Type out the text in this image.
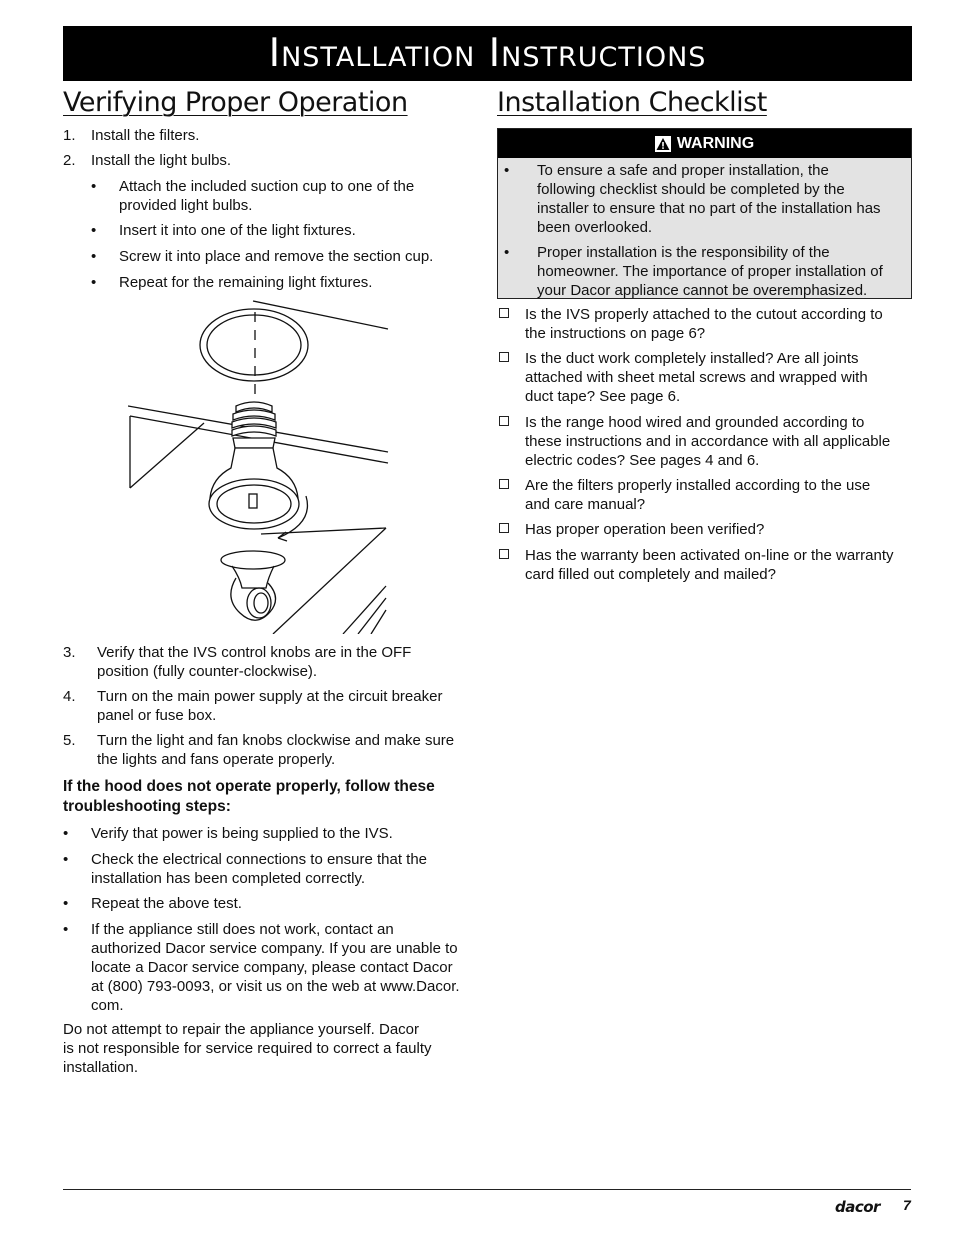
Installation Instructions
Verifying Proper Operation	Installation Checklist
1. Install the filters.
2. Install the light bulbs.
• Attach the included suction cup to one of the
provided light bulbs.
• Insert it into one of the light fixtures.
• Screw it into place and remove the section cup.
• Repeat for the remaining light fixtures.
3. Verify that the IVS control knobs are in the OFF
position (fully counter-clockwise).
4. Turn on the main power supply at the circuit breaker
panel or fuse box.
5. Turn the light and fan knobs clockwise and make sure
the lights and fans operate properly.
If the hood does not operate properly, follow these
troubleshooting steps:
• Verify that power is being supplied to the IVS.
• Check the electrical connections to ensure that the
installation has been completed correctly.
• Repeat the above test.
• If the appliance still does not work, contact an
authorized Dacor service company. If you are unable to
locate a Dacor service company, please contact Dacor
at (800) 793-0093, or visit us on the web at www.Dacor.
com.
Do not attempt to repair the appliance yourself. Dacor
is not responsible for service required to correct a faulty
installation.
WARNING
• To ensure a safe and proper installation, the
following checklist should be completed by the
installer to ensure that no part of the installation has
been overlooked.
• Proper installation is the responsibility of the
homeowner. The importance of proper installation of
your Dacor appliance cannot be overemphasized.
Is the IVS properly attached to the cutout according to
the instructions on page 6?
Is the duct work completely installed? Are all joints
attached with sheet metal screws and wrapped with
duct tape? See page 6.
Is the range hood wired and grounded according to
these instructions and in accordance with all applicable
electric codes? See pages 4 and 6.
Are the filters properly installed according to the use
and care manual?
Has proper operation been verified?
Has the warranty been activated on-line or the warranty
card filled out completely and mailed?
dacor 7
